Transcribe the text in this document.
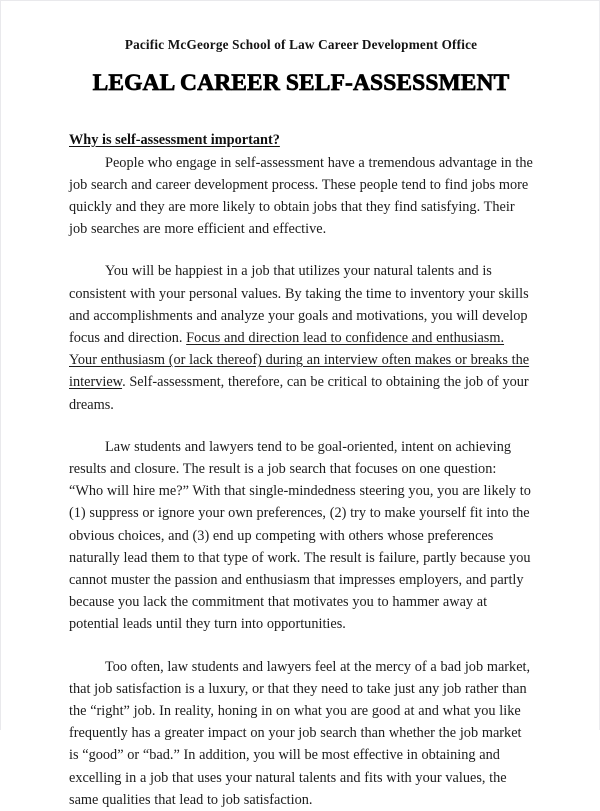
Pacific McGeorge School of Law Career Development Office
LEGAL CAREER SELF-ASSESSMENT
Why is self-assessment important?

People who engage in self-assessment have a tremendous advantage in the job search and career development process. These people tend to find jobs more quickly and they are more likely to obtain jobs that they find satisfying. Their job searches are more efficient and effective.

You will be happiest in a job that utilizes your natural talents and is consistent with your personal values. By taking the time to inventory your skills and accomplishments and analyze your goals and motivations, you will develop focus and direction. Focus and direction lead to confidence and enthusiasm. Your enthusiasm (or lack thereof) during an interview often makes or breaks the interview. Self-assessment, therefore, can be critical to obtaining the job of your dreams.

Law students and lawyers tend to be goal-oriented, intent on achieving results and closure. The result is a job search that focuses on one question: “Who will hire me?” With that single-mindedness steering you, you are likely to (1) suppress or ignore your own preferences, (2) try to make yourself fit into the obvious choices, and (3) end up competing with others whose preferences naturally lead them to that type of work. The result is failure, partly because you cannot muster the passion and enthusiasm that impresses employers, and partly because you lack the commitment that motivates you to hammer away at potential leads until they turn into opportunities.

Too often, law students and lawyers feel at the mercy of a bad job market, that job satisfaction is a luxury, or that they need to take just any job rather than the “right” job. In reality, honing in on what you are good at and what you like frequently has a greater impact on your job search than whether the job market is “good” or “bad.” In addition, you will be most effective in obtaining and excelling in a job that uses your natural talents and fits with your values, the same qualities that lead to job satisfaction.
